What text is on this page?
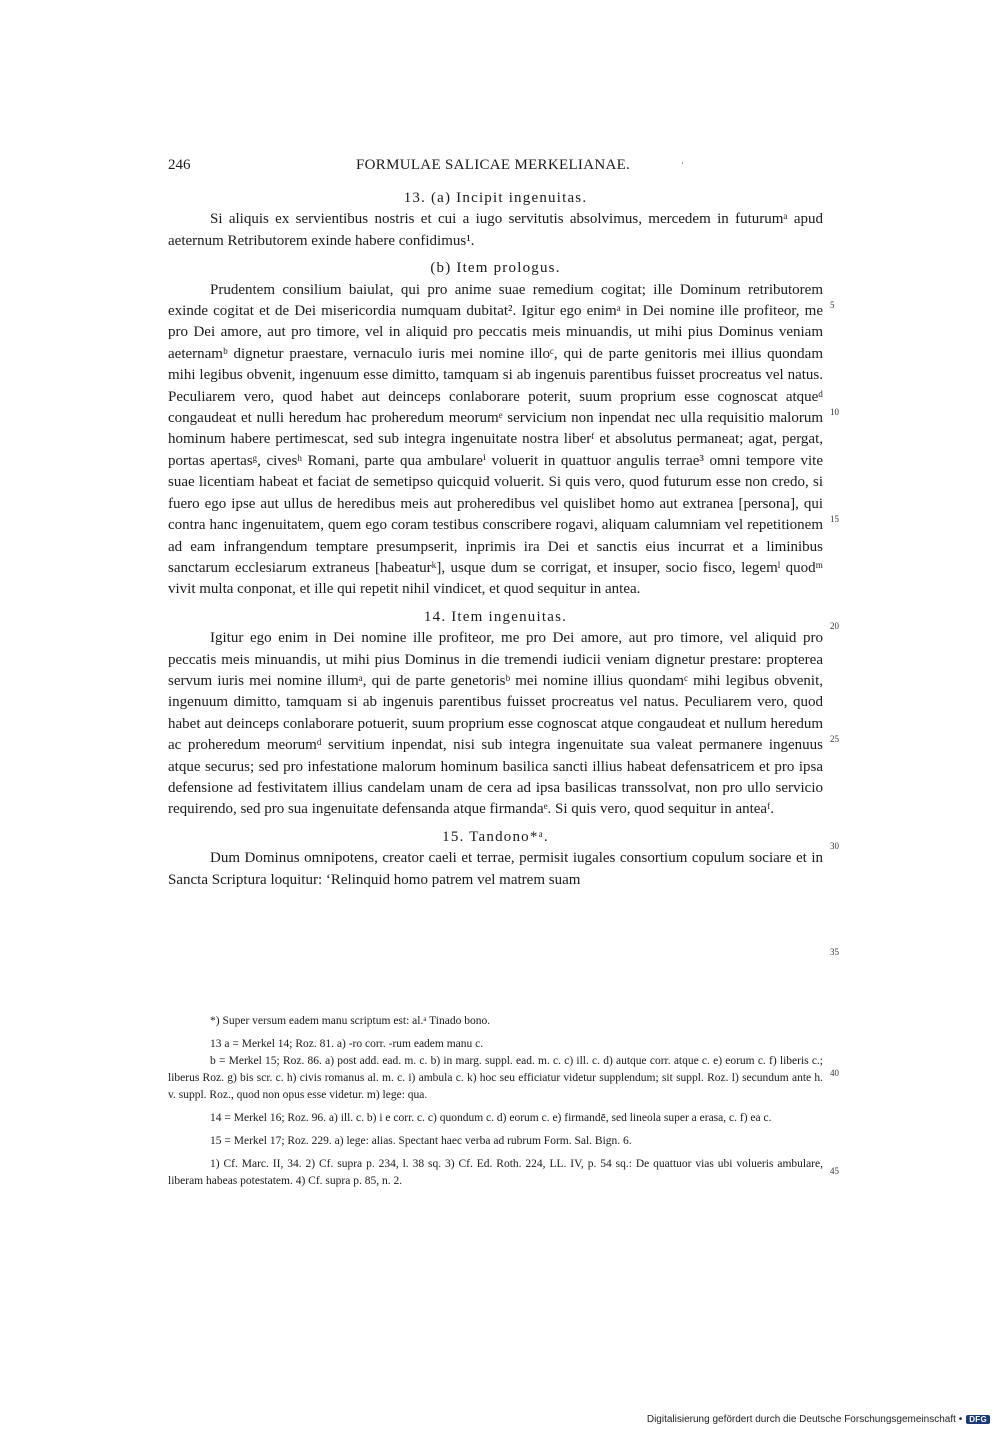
246	FORMULAE SALICAE MERKELIANAE.

13. (a) Incipit ingenuitas.

Si aliquis ex servientibus nostris et cui a iugo servitutis absolvimus, mercedem in futurumᵃ apud aeternum Retributorem exinde habere confidimus¹.

(b) Item prologus.

Prudentem consilium baiulat, qui pro anime suae remedium cogitat; ille Dominum retributorem exinde cogitat et de Dei misericordia numquam dubitat². Igitur ego enimᵃ in Dei nomine ille profiteor, me pro Dei amore, aut pro timore, vel in aliquid pro peccatis meis minuandis, ut mihi pius Dominus veniam aeternamᵇ dignetur praestare, vernaculo iuris mei nomine illoᶜ, qui de parte genitoris mei illius quondam mihi legibus obvenit, ingenuum esse dimitto, tamquam si ab ingenuis parentibus fuisset procreatus vel natus. Peculiarem vero, quod habet aut deinceps conlaborare poterit, suum proprium esse cognoscat atqueᵈ congaudeat et nulli heredum hac proheredum meorumᵉ servicium non inpendat nec ulla requisitio malorum hominum habere pertimescat, sed sub integra ingenuitate nostra liberᶠ et absolutus permaneat; agat, pergat, portas apertasᵍ, civesʰ Romani, parte qua ambulareⁱ voluerit in quattuor angulis terrae³ omni tempore vite suae licentiam habeat et faciat de semetipso quicquid voluerit. Si quis vero, quod futurum esse non credo, si fuero ego ipse aut ullus de heredibus meis aut proheredibus vel quislibet homo aut extranea [persona], qui contra hanc ingenuitatem, quem ego coram testibus conscribere rogavi, aliquam calumniam vel repetitionem ad eam infrangendum temptare presumpserit, inprimis ira Dei et sanctis eius incurrat et a liminibus sanctarum ecclesiarum extraneus [habeaturᵏ], usque dum se corrigat, et insuper, socio fisco, legemˡ quodᵐ vivit multa conponat, et ille qui repetit nihil vindicet, et quod sequitur in antea.

14. Item ingenuitas.

Igitur ego enim in Dei nomine ille profiteor, me pro Dei amore, aut pro timore, vel aliquid pro peccatis meis minuandis, ut mihi pius Dominus in die tremendi iudicii veniam dignetur prestare: propterea servum iuris mei nomine illumᵃ, qui de parte genetorisᵇ mei nomine illius quondamᶜ mihi legibus obvenit, ingenuum dimitto, tamquam si ab ingenuis parentibus fuisset procreatus vel natus. Peculiarem vero, quod habet aut deinceps conlaborare potuerit, suum proprium esse cognoscat atque congaudeat et nullum heredum ac proheredum meorumᵈ servitium inpendat, nisi sub integra ingenuitate sua valeat permanere ingenuus atque securus; sed pro infestatione malorum hominum basilica sancti illius habeat defensatricem et pro ipsa defensione ad festivitatem illius candelam unam de cera ad ipsa basilicas transsolvat, non pro ullo servicio requirendo, sed pro sua ingenuitate defensanda atque firmandaᵉ. Si quis vero, quod sequitur in anteaᶠ.

15. Tandono*ᵃ.

Dum Dominus omnipotens, creator caeli et terrae, permisit iugales consortium copulum sociare et in Sancta Scriptura loquitur: ‘Relinquid homo patrem vel matrem suam

5
10
15
20
25
30
35
40
45

*) Super versum eadem manu scriptum est: al.ᵃ Tinado bono.

13 a = Merkel 14; Roz. 81. a) -ro corr. -rum eadem manu c.

b = Merkel 15; Roz. 86. a) post add. ead. m. c. b) in marg. suppl. ead. m. c. c) ill. c. d) autque corr. atque c. e) eorum c. f) liberis c.; liberus Roz. g) bis scr. c. h) civis romanus al. m. c. i) ambula c. k) hoc seu efficiatur videtur supplendum; sit suppl. Roz. l) secundum ante h. v. suppl. Roz., quod non opus esse videtur. m) lege: qua.

14 = Merkel 16; Roz. 96. a) ill. c. b) i e corr. c. c) quondum c. d) eorum c. e) firmandē, sed lineola super a erasa, c. f) ea c.

15 = Merkel 17; Roz. 229. a) lege: alias. Spectant haec verba ad rubrum Form. Sal. Bign. 6.

1) Cf. Marc. II, 34. 2) Cf. supra p. 234, l. 38 sq. 3) Cf. Ed. Roth. 224, LL. IV, p. 54 sq.: De quattuor vias ubi volueris ambulare, liberam habeas potestatem. 4) Cf. supra p. 85, n. 2.

Digitalisierung gefördert durch die Deutsche Forschungsgemeinschaft • DFG
